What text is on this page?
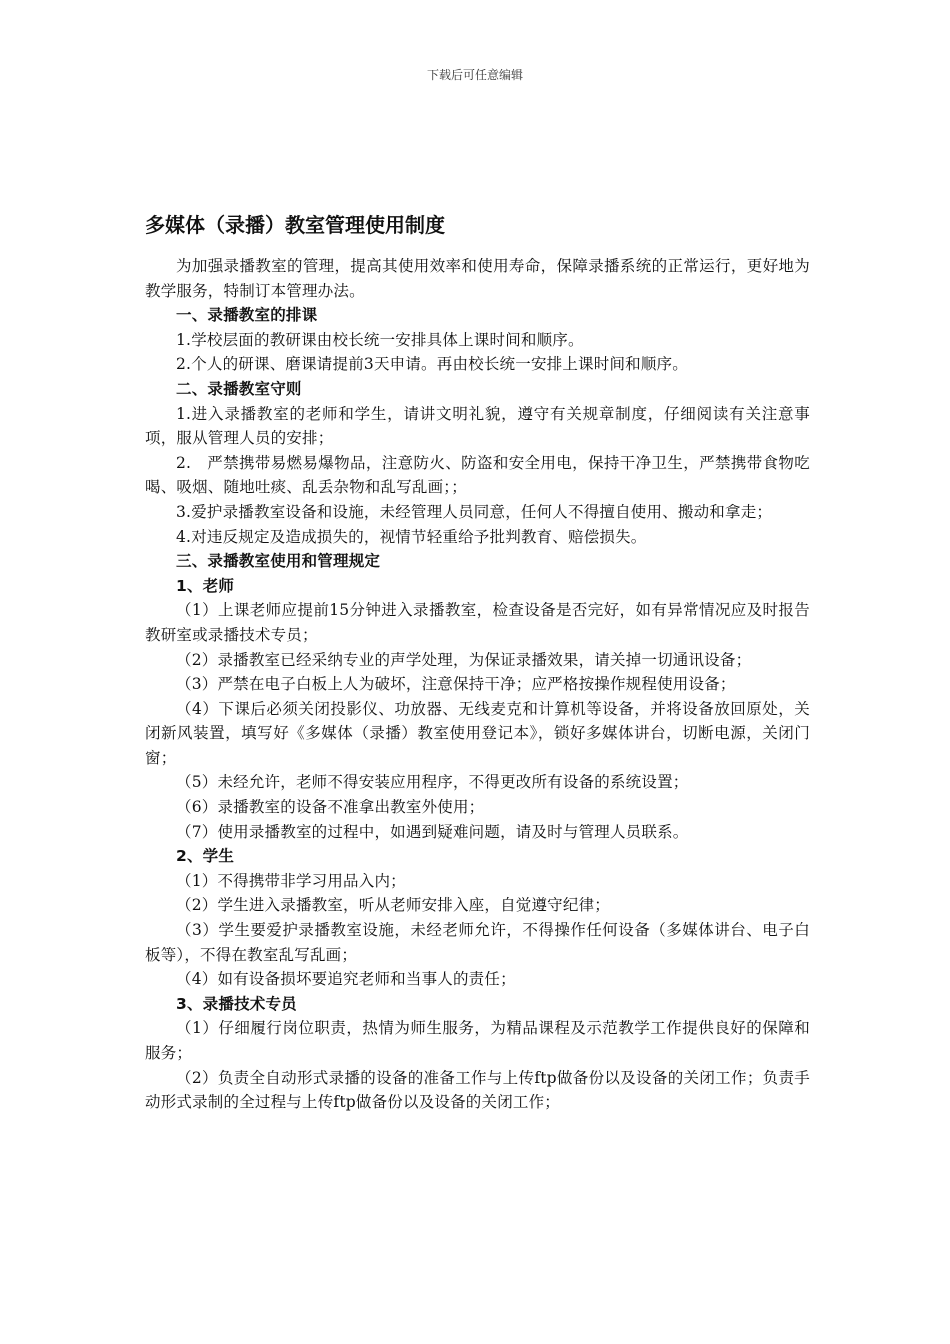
下载后可任意编辑
多媒体（录播）教室管理使用制度

为加强录播教室的管理，提高其使用效率和使用寿命，保障录播系统的正常运行，更好地为教学服务，特制订本管理办法。

一、录播教室的排课

1.学校层面的教研课由校长统一安排具体上课时间和顺序。

2.个人的研课、磨课请提前3天申请。再由校长统一安排上课时间和顺序。

二、录播教室守则

1.进入录播教室的老师和学生，请讲文明礼貌，遵守有关规章制度，仔细阅读有关注意事项，服从管理人员的安排；

2.　严禁携带易燃易爆物品，注意防火、防盗和安全用电，保持干净卫生，严禁携带食物吃喝、吸烟、随地吐痰、乱丢杂物和乱写乱画；；

3.爱护录播教室设备和设施，未经管理人员同意，任何人不得擅自使用、搬动和拿走；

4.对违反规定及造成损失的，视情节轻重给予批判教育、赔偿损失。

三、录播教室使用和管理规定

1、老师

（1）上课老师应提前15分钟进入录播教室，检查设备是否完好，如有异常情况应及时报告教研室或录播技术专员；

（2）录播教室已经采纳专业的声学处理，为保证录播效果，请关掉一切通讯设备；

（3）严禁在电子白板上人为破坏，注意保持干净；应严格按操作规程使用设备；

（4）下课后必须关闭投影仪、功放器、无线麦克和计算机等设备，并将设备放回原处，关闭新风装置，填写好《多媒体（录播）教室使用登记本》，锁好多媒体讲台，切断电源，关闭门窗；

（5）未经允许，老师不得安装应用程序，不得更改所有设备的系统设置；

（6）录播教室的设备不准拿出教室外使用；

（7）使用录播教室的过程中，如遇到疑难问题，请及时与管理人员联系。

2、学生

（1）不得携带非学习用品入内；

（2）学生进入录播教室，听从老师安排入座，自觉遵守纪律；

（3）学生要爱护录播教室设施，未经老师允许，不得操作任何设备（多媒体讲台、电子白板等），不得在教室乱写乱画；

（4）如有设备损坏要追究老师和当事人的责任；

3、录播技术专员

（1）仔细履行岗位职责，热情为师生服务，为精品课程及示范教学工作提供良好的保障和服务；

（2）负责全自动形式录播的设备的准备工作与上传ftp做备份以及设备的关闭工作；负责手动形式录制的全过程与上传ftp做备份以及设备的关闭工作；
